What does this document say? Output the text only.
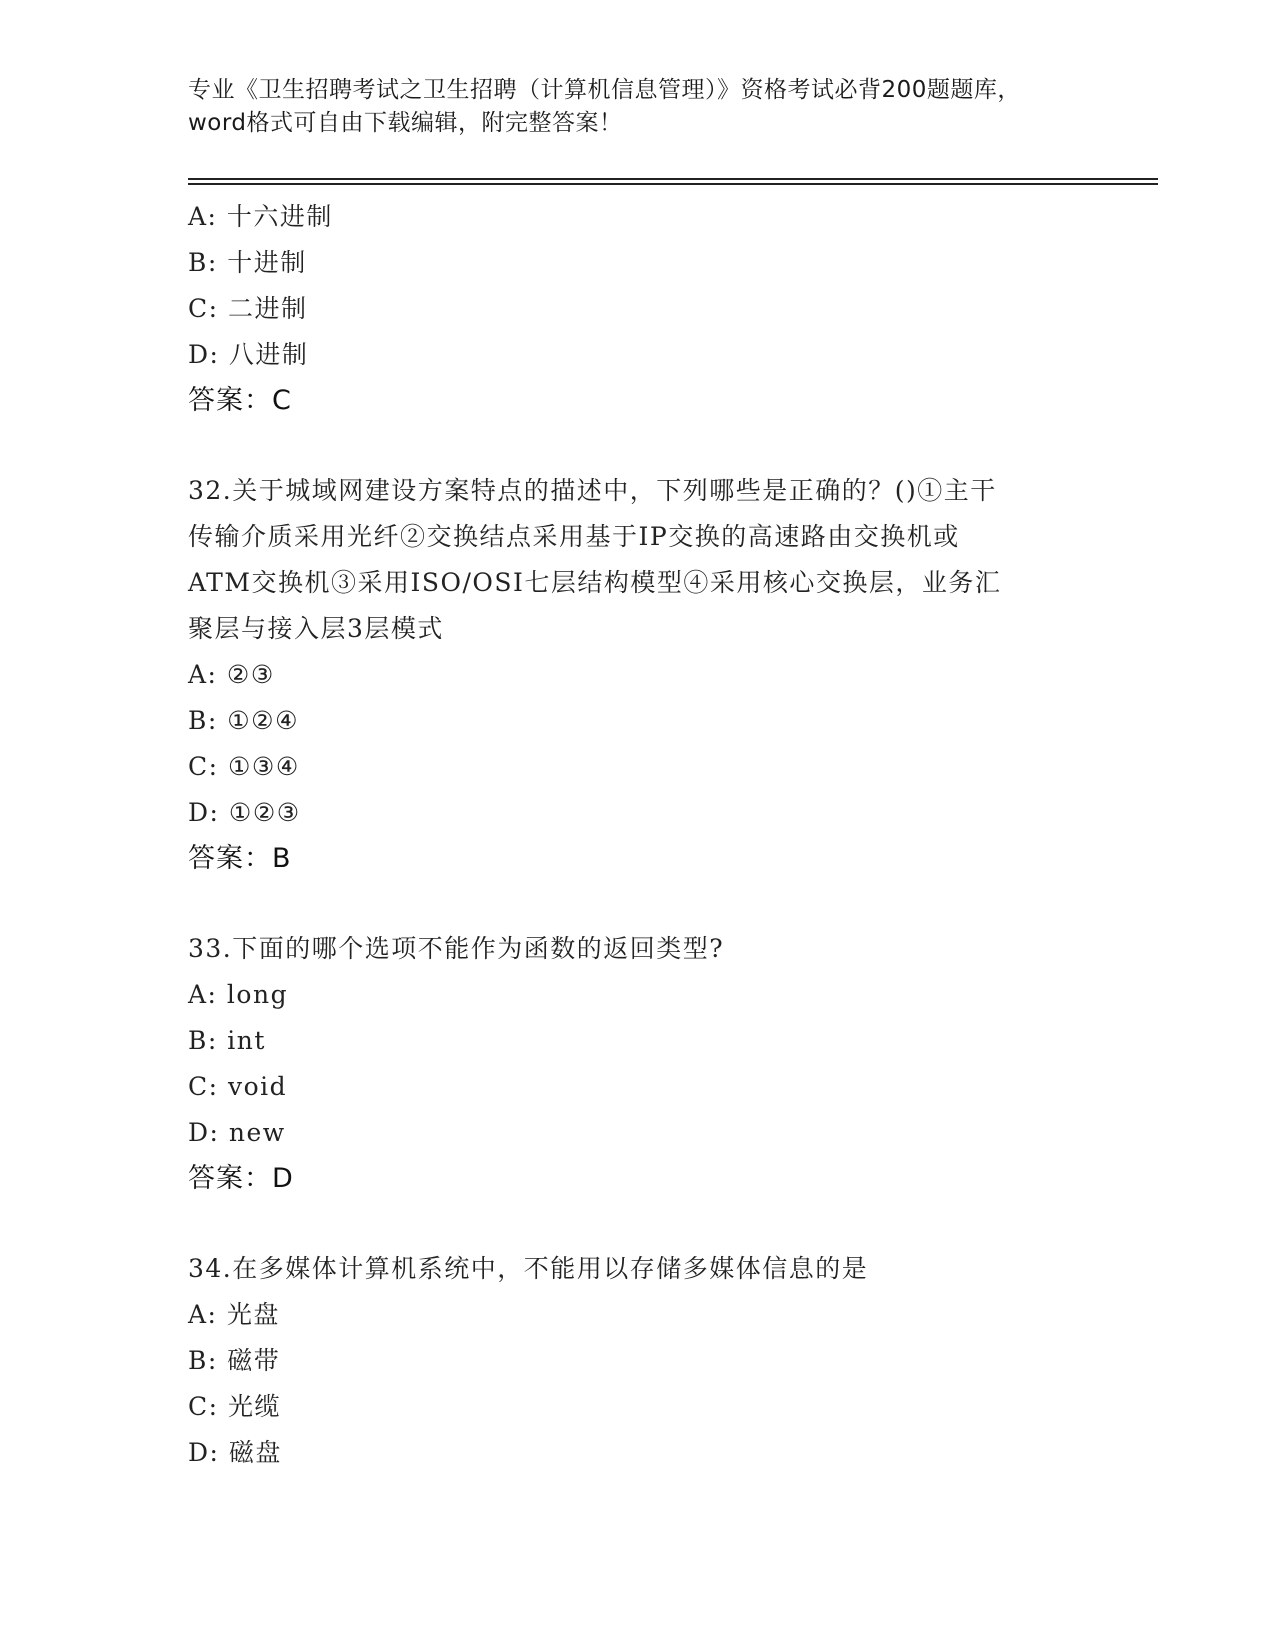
专业《卫生招聘考试之卫生招聘（计算机信息管理）》资格考试必背200题题库，
word格式可自由下载编辑，附完整答案！
A: 十六进制
B: 十进制
C: 二进制
D: 八进制
答案：C
32.关于城域网建设方案特点的描述中，下列哪些是正确的？()①主干
传输介质采用光纤②交换结点采用基于IP交换的高速路由交换机或
ATM交换机③采用ISO/OSI七层结构模型④采用核心交换层，业务汇
聚层与接入层3层模式
A: ②③
B: ①②④
C: ①③④
D: ①②③
答案：B
33.下面的哪个选项不能作为函数的返回类型?
A: long
B: int
C: void
D: new
答案：D
34.在多媒体计算机系统中，不能用以存储多媒体信息的是
A: 光盘
B: 磁带
C: 光缆
D: 磁盘
